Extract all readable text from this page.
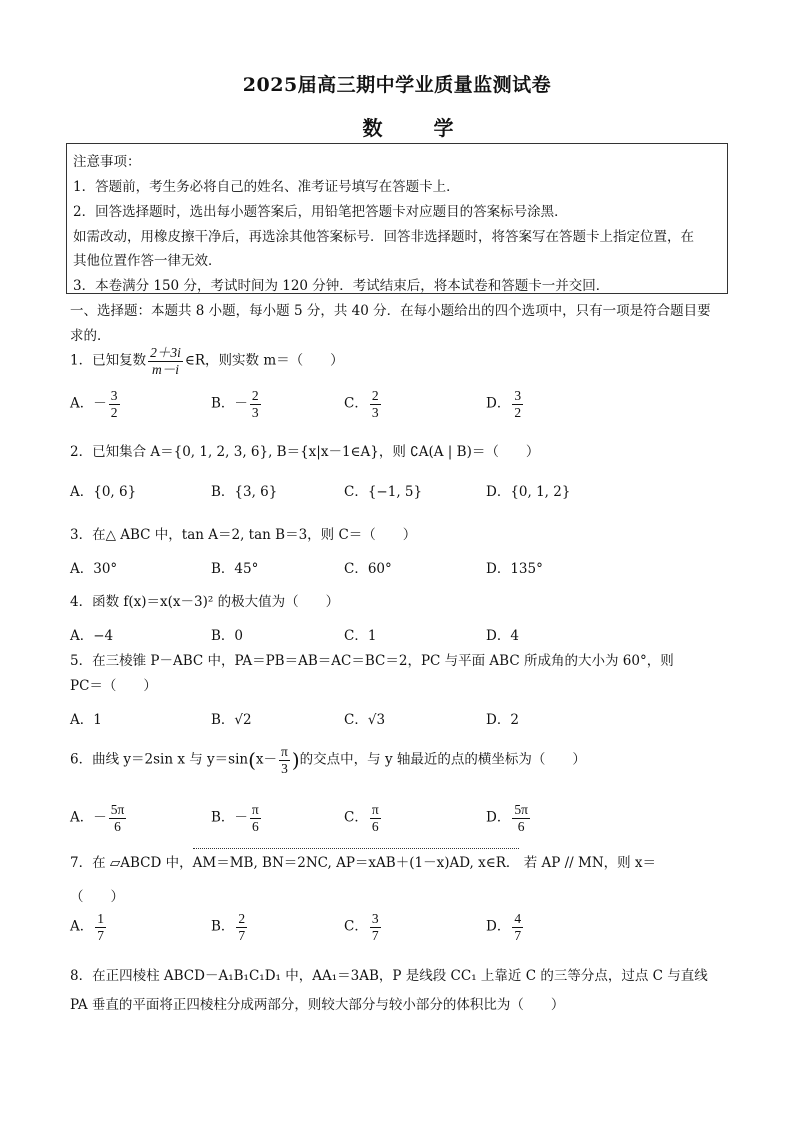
2025届高三期中学业质量监测试卷
数 学
注意事项：
1．答题前，考生务必将自己的姓名、准考证号填写在答题卡上．
2．回答选择题时，选出每小题答案后，用铅笔把答题卡对应题目的答案标号涂黑．
如需改动，用橡皮擦干净后，再选涂其他答案标号．回答非选择题时，将答案写在答题卡上指定位置，在
其他位置作答一律无效．
3．本卷满分 150 分，考试时间为 120 分钟．考试结束后，将本试卷和答题卡一并交回．
一、选择题：本题共 8 小题，每小题 5 分，共 40 分．在每小题给出的四个选项中，只有一项是符合题目要
求的．
1．已知复数 $\frac{2+3i}{m-i}$ ∈R，则实数 m＝（　　）
A．－ $\frac{3}{2}$	B．－ $\frac{2}{3}$	C． $\frac{2}{3}$	D． $\frac{3}{2}$
2．已知集合 A＝{0, 1, 2, 3, 6}, B＝{x|x－1∈A}，则 ∁A(A | B)＝（　　）
A．{0, 6}	B．{3, 6}	C．{−1, 5}	D．{0, 1, 2}
3．在△ ABC 中，tan A＝2, tan B＝3，则 C＝（　　）
A．30°	B．45°	C．60°	D．135°
4．函数 f(x)＝x(x－3)² 的极大值为（　　）
A．−4	B．0	C．1	D．4
5．在三棱锥 P－ABC 中，PA＝PB＝AB＝AC＝BC＝2，PC 与平面 ABC 所成角的大小为 60°，则
PC＝（　　）
A．1	B．√2	C．√3	D．2
6．曲线 y＝2sin x 与 $y=\sin(x- \frac{\pi}{3}$ )的交点中，与 y 轴最近的点的横坐标为（　　）
A．－ $\frac{5\pi}{6}$	B．－ $\frac{\pi}{6}$	C． $\frac{\pi}{6}$	D． $\frac{5\pi}{6}$
7．在 ▱ABCD 中，AM＝MB, BN＝2NC, AP＝xAB＋(1－x)AD, x∈R． 若 AP // MN，则 x＝
（　　）
A． $\frac{1}{7}$	B． $\frac{2}{7}$	C． $\frac{3}{7}$	D． $\frac{4}{7}$
8．在正四棱柱 ABCD－A₁B₁C₁D₁ 中，AA₁＝3AB，P 是线段 CC₁ 上靠近 C 的三等分点，过点 C 与直线
PA 垂直的平面将正四棱柱分成两部分，则较大部分与较小部分的体积比为（　　）
